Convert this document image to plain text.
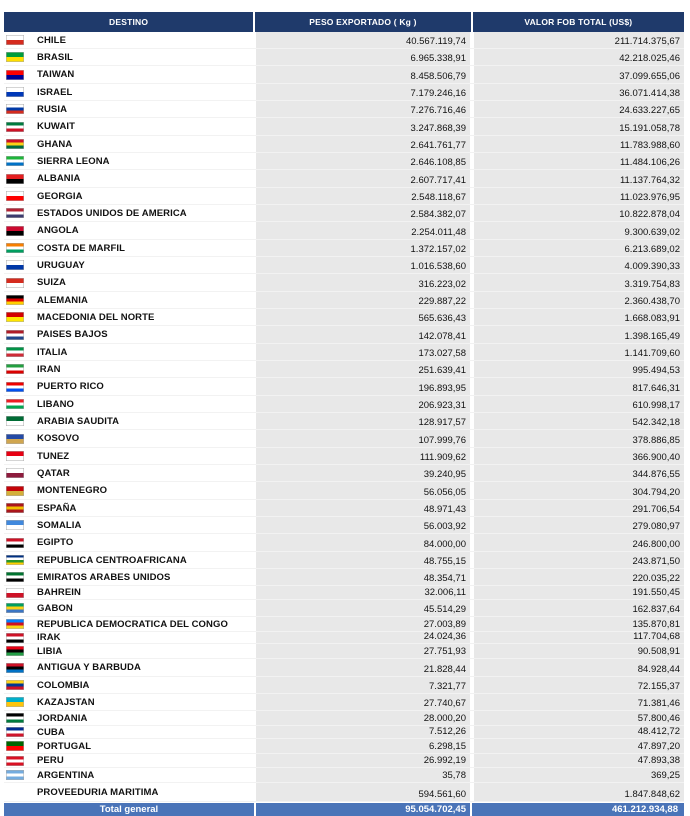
DESTINO	PESO EXPORTADO ( Kg )	VALOR FOB TOTAL (US$)
CHILE	40.567.119,74	211.714.375,67
BRASIL	6.965.338,91	42.218.025,46
TAIWAN	8.458.506,79	37.099.655,06
ISRAEL	7.179.246,16	36.071.414,38
RUSIA	7.276.716,46	24.633.227,65
KUWAIT	3.247.868,39	15.191.058,78
GHANA	2.641.761,77	11.783.988,60
SIERRA LEONA	2.646.108,85	11.484.106,26
ALBANIA	2.607.717,41	11.137.764,32
GEORGIA	2.548.118,67	11.023.976,95
ESTADOS UNIDOS DE AMERICA	2.584.382,07	10.822.878,04
ANGOLA	2.254.011,48	9.300.639,02
COSTA DE MARFIL	1.372.157,02	6.213.689,02
URUGUAY	1.016.538,60	4.009.390,33
SUIZA	316.223,02	3.319.754,83
ALEMANIA	229.887,22	2.360.438,70
MACEDONIA DEL NORTE	565.636,43	1.668.083,91
PAISES BAJOS	142.078,41	1.398.165,49
ITALIA	173.027,58	1.141.709,60
IRAN	251.639,41	995.494,53
PUERTO RICO	196.893,95	817.646,31
LIBANO	206.923,31	610.998,17
ARABIA SAUDITA	128.917,57	542.342,18
KOSOVO	107.999,76	378.886,85
TUNEZ	111.909,62	366.900,40
QATAR	39.240,95	344.876,55
MONTENEGRO	56.056,05	304.794,20
ESPAÑA	48.971,43	291.706,54
SOMALIA	56.003,92	279.080,97
EGIPTO	84.000,00	246.800,00
REPUBLICA CENTROAFRICANA	48.755,15	243.871,50
EMIRATOS ARABES UNIDOS	48.354,71	220.035,22
BAHREIN	32.006,11	191.550,45
GABON	45.514,29	162.837,64
REPUBLICA DEMOCRATICA DEL CONGO	27.003,89	135.870,81
IRAK	24.024,36	117.704,68
LIBIA	27.751,93	90.508,91
ANTIGUA Y BARBUDA	21.828,44	84.928,44
COLOMBIA	7.321,77	72.155,37
KAZAJSTAN	27.740,67	71.381,46
JORDANIA	28.000,20	57.800,46
CUBA	7.512,26	48.412,72
PORTUGAL	6.298,15	47.897,20
PERU	26.992,19	47.893,38
ARGENTINA	35,78	369,25
PROVEEDURIA MARITIMA	594.561,60	1.847.848,62
Total general	95.054.702,45	461.212.934,88
